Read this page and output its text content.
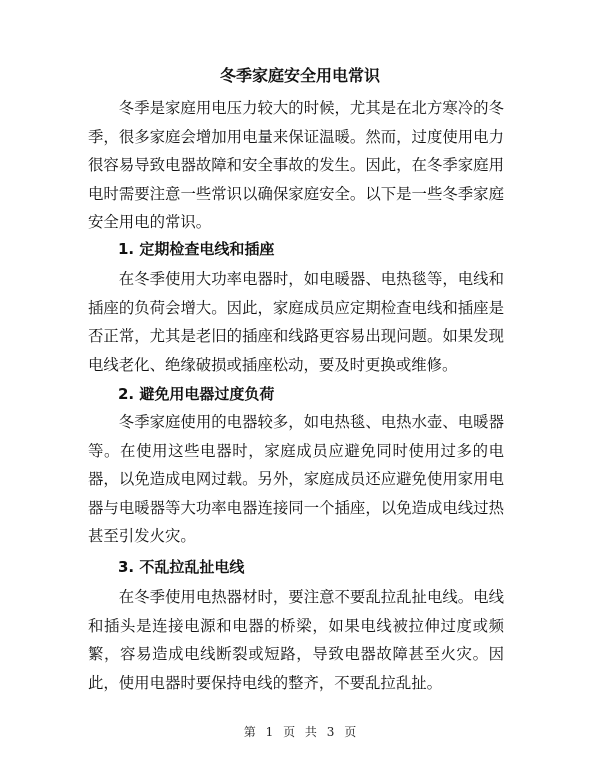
冬季家庭安全用电常识

冬季是家庭用电压力较大的时候，尤其是在北方寒冷的冬季，很多家庭会增加用电量来保证温暖。然而，过度使用电力很容易导致电器故障和安全事故的发生。因此，在冬季家庭用电时需要注意一些常识以确保家庭安全。以下是一些冬季家庭安全用电的常识。

1. 定期检查电线和插座

在冬季使用大功率电器时，如电暖器、电热毯等，电线和插座的负荷会增大。因此，家庭成员应定期检查电线和插座是否正常，尤其是老旧的插座和线路更容易出现问题。如果发现电线老化、绝缘破损或插座松动，要及时更换或维修。

2. 避免用电器过度负荷

冬季家庭使用的电器较多，如电热毯、电热水壶、电暖器等。在使用这些电器时，家庭成员应避免同时使用过多的电器，以免造成电网过载。另外，家庭成员还应避免使用家用电器与电暖器等大功率电器连接同一个插座，以免造成电线过热甚至引发火灾。

3. 不乱拉乱扯电线

在冬季使用电热器材时，要注意不要乱拉乱扯电线。电线和插头是连接电源和电器的桥梁，如果电线被拉伸过度或频繁，容易造成电线断裂或短路，导致电器故障甚至火灾。因此，使用电器时要保持电线的整齐，不要乱拉乱扯。

第 1 页 共 3 页
